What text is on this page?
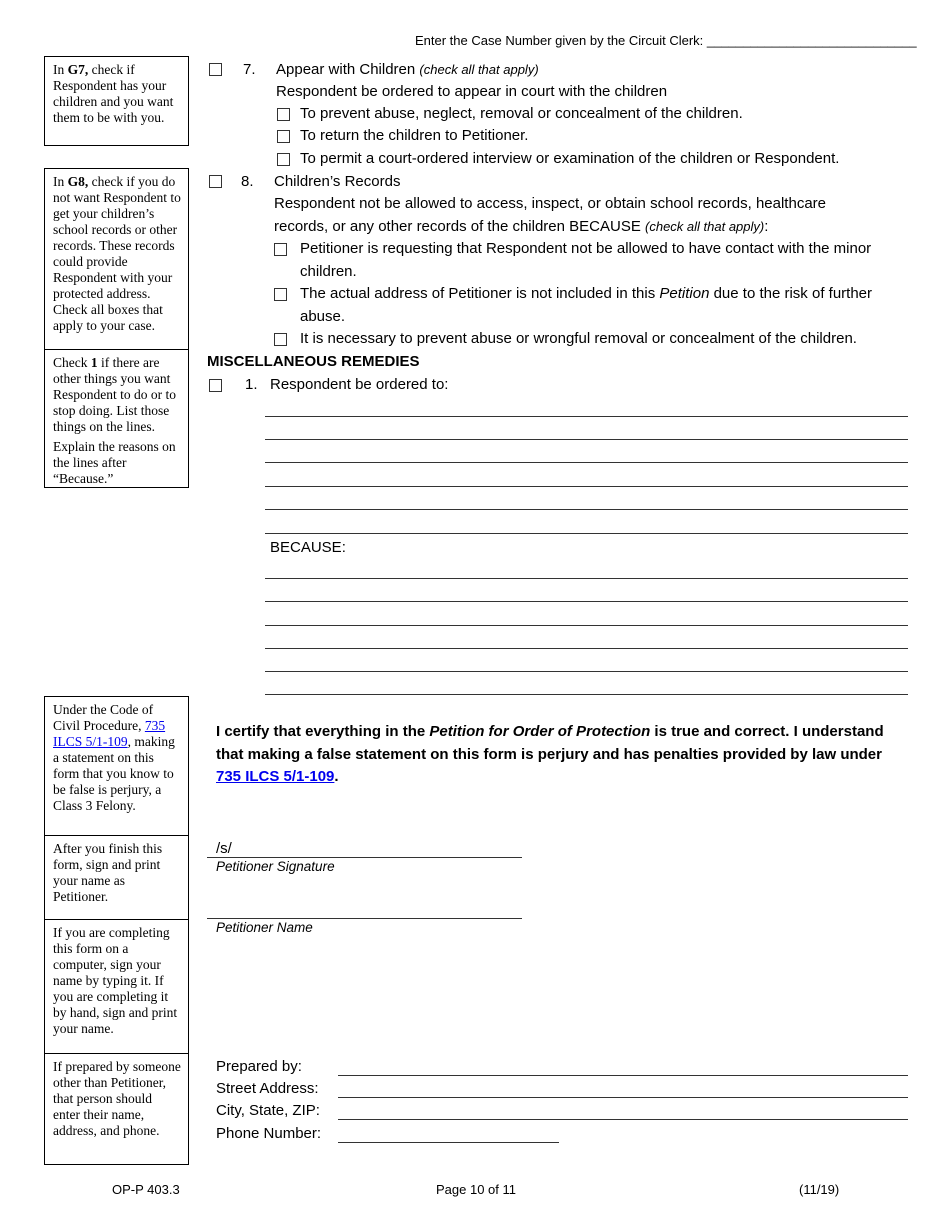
Enter the Case Number given by the Circuit Clerk: _____________________________

In G7, check if Respondent has your children and you want them to be with you.

In G8, check if you do not want Respondent to get your children’s school records or other records. These records could provide Respondent with your protected address. Check all boxes that apply to your case.

Check 1 if there are other things you want Respondent to do or to stop doing. List those things on the lines.

Explain the reasons on the lines after “Because.”

Under the Code of Civil Procedure, 735 ILCS 5/1-109, making a statement on this form that you know to be false is perjury, a Class 3 Felony.

After you finish this form, sign and print your name as Petitioner.

If you are completing this form on a computer, sign your name by typing it. If you are completing it by hand, sign and print your name.

If prepared by someone other than Petitioner, that person should enter their name, address, and phone.

7. Appear with Children (check all that apply)
Respondent be ordered to appear in court with the children
To prevent abuse, neglect, removal or concealment of the children.
To return the children to Petitioner.
To permit a court-ordered interview or examination of the children or Respondent.
8. Children’s Records
Respondent not be allowed to access, inspect, or obtain school records, healthcare
records, or any other records of the children BECAUSE (check all that apply):
Petitioner is requesting that Respondent not be allowed to have contact with the minor children.
The actual address of Petitioner is not included in this Petition due to the risk of further abuse.
It is necessary to prevent abuse or wrongful removal or concealment of the children.
MISCELLANEOUS REMEDIES
1. Respondent be ordered to:
BECAUSE:
I certify that everything in the Petition for Order of Protection is true and correct. I understand that making a false statement on this form is perjury and has penalties provided by law under 735 ILCS 5/1-109.
/s/
Petitioner Signature
Petitioner Name
Prepared by:
Street Address:
City, State, ZIP:
Phone Number:
OP-P 403.3	Page 10 of 11	(11/19)
